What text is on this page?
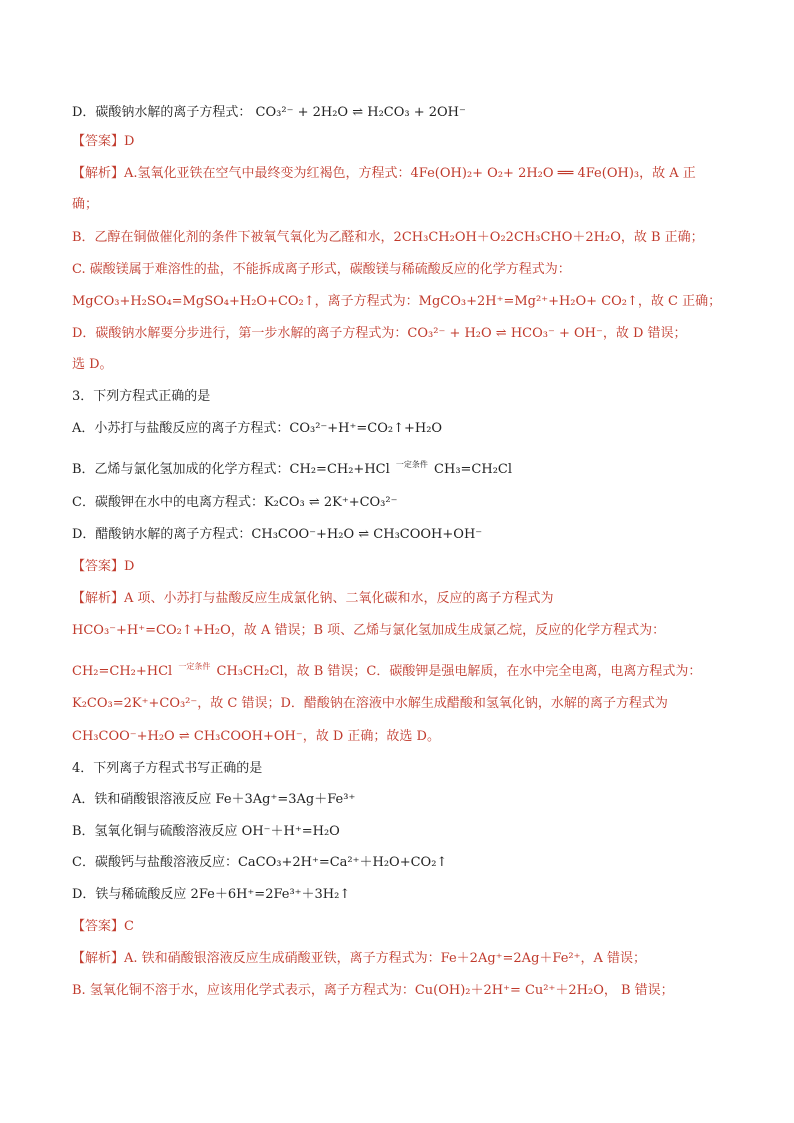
D．碳酸钠水解的离子方程式： CO₃²⁻ + 2H₂O ⇌ H₂CO₃ + 2OH⁻
【答案】D
【解析】A.氢氧化亚铁在空气中最终变为红褐色，方程式：4Fe(OH)₂+ O₂+ 2H₂O ══ 4Fe(OH)₃，故 A 正
确；
B．乙醇在铜做催化剂的条件下被氧气氧化为乙醛和水，2CH₃CH₂OH＋O₂2CH₃CHO＋2H₂O，故 B 正确；
C. 碳酸镁属于难溶性的盐，不能拆成离子形式，碳酸镁与稀硫酸反应的化学方程式为：
MgCO₃+H₂SO₄=MgSO₄+H₂O+CO₂↑，离子方程式为：MgCO₃+2H⁺=Mg²⁺+H₂O+ CO₂↑，故 C 正确；
D．碳酸钠水解要分步进行，第一步水解的离子方程式为：CO₃²⁻ + H₂O ⇌ HCO₃⁻ + OH⁻，故 D 错误；
选 D。
3．下列方程式正确的是
A．小苏打与盐酸反应的离子方程式：CO₃²⁻+H⁺=CO₂↑+H₂O
B．乙烯与氯化氢加成的化学方程式：CH₂=CH₂+HCl 一定条件 CH₃=CH₂Cl
C．碳酸钾在水中的电离方程式：K₂CO₃ ⇌ 2K⁺+CO₃²⁻
D．醋酸钠水解的离子方程式：CH₃COO⁻+H₂O ⇌ CH₃COOH+OH⁻
【答案】D
【解析】A 项、小苏打与盐酸反应生成氯化钠、二氧化碳和水，反应的离子方程式为
HCO₃⁻+H⁺=CO₂↑+H₂O，故 A 错误；B 项、乙烯与氯化氢加成生成氯乙烷，反应的化学方程式为：
CH₂=CH₂+HCl 一定条件 CH₃CH₂Cl，故 B 错误；C．碳酸钾是强电解质，在水中完全电离，电离方程式为：
K₂CO₃=2K⁺+CO₃²⁻，故 C 错误；D．醋酸钠在溶液中水解生成醋酸和氢氧化钠，水解的离子方程式为
CH₃COO⁻+H₂O ⇌ CH₃COOH+OH⁻，故 D 正确；故选 D。
4．下列离子方程式书写正确的是
A．铁和硝酸银溶液反应 Fe＋3Ag⁺=3Ag＋Fe³⁺
B．氢氧化铜与硫酸溶液反应 OH⁻＋H⁺=H₂O
C．碳酸钙与盐酸溶液反应：CaCO₃+2H⁺=Ca²⁺＋H₂O+CO₂↑
D．铁与稀硫酸反应 2Fe＋6H⁺=2Fe³⁺＋3H₂↑
【答案】C
【解析】A. 铁和硝酸银溶液反应生成硝酸亚铁，离子方程式为：Fe＋2Ag⁺=2Ag＋Fe²⁺，A 错误；
B. 氢氧化铜不溶于水，应该用化学式表示，离子方程式为：Cu(OH)₂＋2H⁺= Cu²⁺＋2H₂O， B 错误；
